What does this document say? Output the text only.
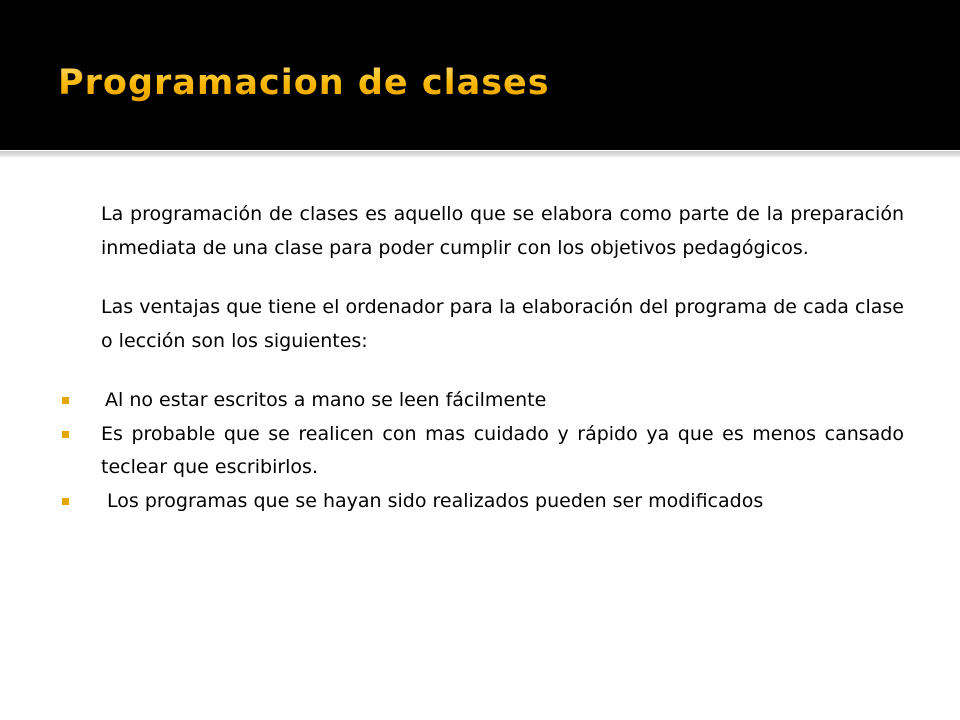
Programacion de clases

La programación de clases es aquello que se elabora como parte de la preparación inmediata de una clase para poder cumplir con los objetivos pedagógicos.

Las ventajas que tiene el ordenador para la elaboración del programa de cada clase o lección son los siguientes:

Al no estar escritos a mano se leen fácilmente
Es probable que se realicen con mas cuidado y rápido ya que es menos cansado teclear que escribirlos.
Los programas que se hayan sido realizados pueden ser modificados
